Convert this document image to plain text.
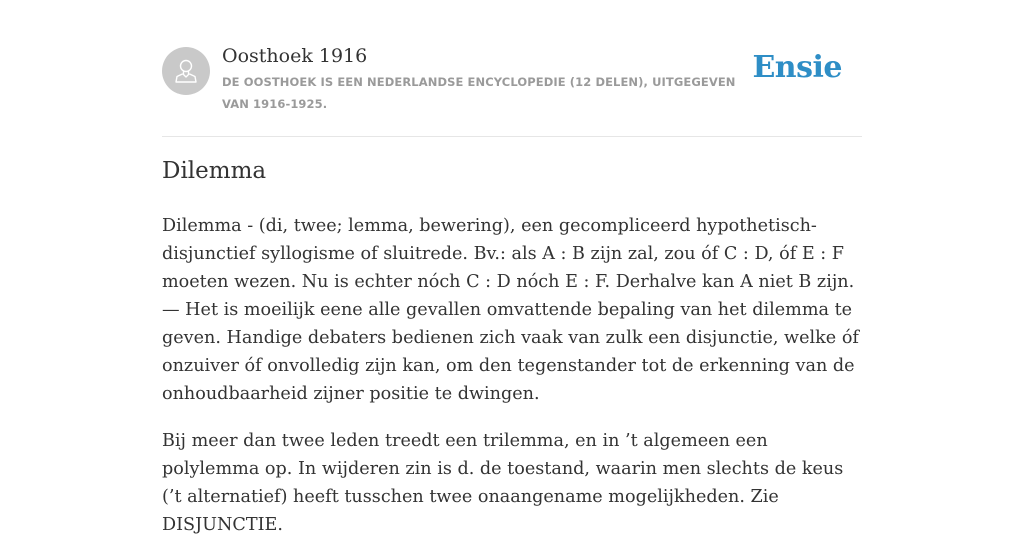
Oosthoek 1916
DE OOSTHOEK IS EEN NEDERLANDSE ENCYCLOPEDIE (12 DELEN), UITGEGEVEN VAN 1916-1925.
Ensie
Dilemma

Dilemma - (di, twee; lemma, bewering), een gecompliceerd hypothetisch-disjunctief syllogisme of sluitrede. Bv.: als A : B zijn zal, zou óf C : D, óf E : F moeten wezen. Nu is echter nóch C : D nóch E : F. Derhalve kan A niet B zijn. — Het is moeilijk eene alle gevallen omvattende bepaling van het dilemma te geven. Handige debaters bedienen zich vaak van zulk een disjunctie, welke óf onzuiver óf onvolledig zijn kan, om den tegenstander tot de erkenning van de onhoudbaarheid zijner positie te dwingen.

Bij meer dan twee leden treedt een trilemma, en in ’t algemeen een polylemma op. In wijderen zin is d. de toestand, waarin men slechts de keus (’t alternatief) heeft tusschen twee onaangename mogelijkheden. Zie DISJUNCTIE.
